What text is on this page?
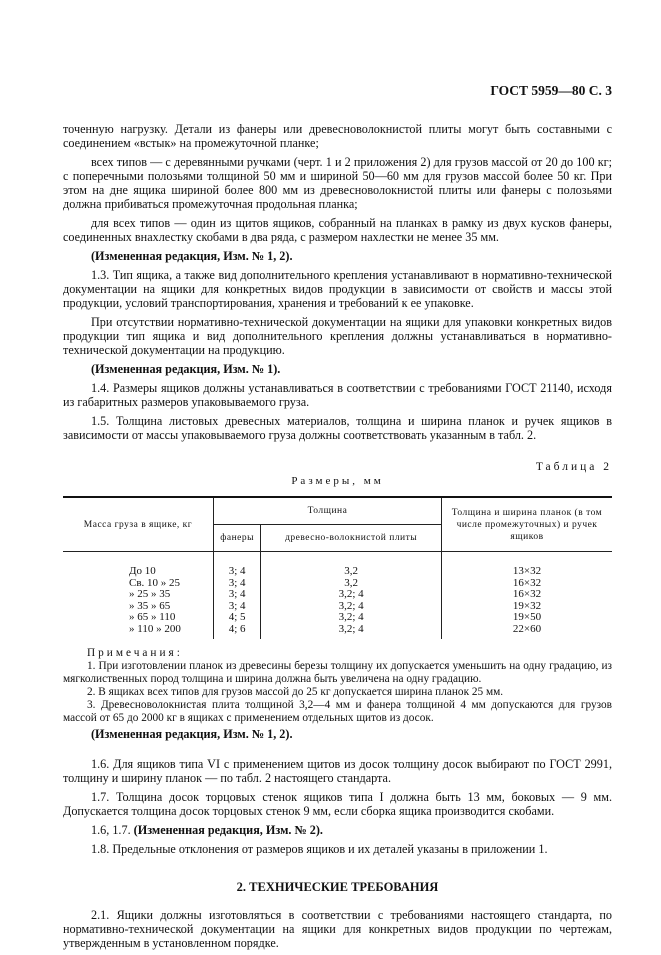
ГОСТ 5959—80 С. 3

точенную нагрузку. Детали из фанеры или древесноволокнистой плиты могут быть составными с соединением «встык» на промежуточной планке;

всех типов — с деревянными ручками (черт. 1 и 2 приложения 2) для грузов массой от 20 до 100 кг; с поперечными полозьями толщиной 50 мм и шириной 50—60 мм для грузов массой более 50 кг. При этом на дне ящика шириной более 800 мм из древесноволокнистой плиты или фанеры с полозьями должна прибиваться промежуточная продольная планка;

для всех типов — один из щитов ящиков, собранный на планках в рамку из двух кусков фанеры, соединенных внахлестку скобами в два ряда, с размером нахлестки не менее 35 мм.

(Измененная редакция, Изм. № 1, 2).

1.3. Тип ящика, а также вид дополнительного крепления устанавливают в нормативно-технической документации на ящики для конкретных видов продукции в зависимости от свойств и массы этой продукции, условий транспортирования, хранения и требований к ее упаковке.

При отсутствии нормативно-технической документации на ящики для упаковки конкретных видов продукции тип ящика и вид дополнительного крепления должны устанавливаться в нормативно-технической документации на продукцию.

(Измененная редакция, Изм. № 1).

1.4. Размеры ящиков должны устанавливаться в соответствии с требованиями ГОСТ 21140, исходя из габаритных размеров упаковываемого груза.

1.5. Толщина листовых древесных материалов, толщина и ширина планок и ручек ящиков в зависимости от массы упаковываемого груза должны соответствовать указанным в табл. 2.

Таблица 2
Размеры, мм
Масса груза в ящике, кг	Толщина		Толщина и ширина планок (в том числе промежуточных) и ручек ящиков
	фанеры	древесно-волокнистой плиты	
До 10	3; 4	3,2	13×32
Св. 10 » 25	3; 4	3,2	16×32
» 25 » 35	3; 4	3,2; 4	16×32
» 35 » 65	3; 4	3,2; 4	19×32
» 65 » 110	4; 5	3,2; 4	19×50
» 110 » 200	4; 6	3,2; 4	22×60

Примечания:

1. При изготовлении планок из древесины березы толщину их допускается уменьшить на одну градацию, из мягколиственных пород толщина и ширина должна быть увеличена на одну градацию.

2. В ящиках всех типов для грузов массой до 25 кг допускается ширина планок 25 мм.

3. Древесноволокнистая плита толщиной 3,2—4 мм и фанера толщиной 4 мм допускаются для грузов массой от 65 до 2000 кг в ящиках с применением отдельных щитов из досок.

(Измененная редакция, Изм. № 1, 2).

1.6. Для ящиков типа VI с применением щитов из досок толщину досок выбирают по ГОСТ 2991, толщину и ширину планок — по табл. 2 настоящего стандарта.

1.7. Толщина досок торцовых стенок ящиков типа I должна быть 13 мм, боковых — 9 мм. Допускается толщина досок торцовых стенок 9 мм, если сборка ящика производится скобами.

1.6, 1.7. (Измененная редакция, Изм. № 2).

1.8. Предельные отклонения от размеров ящиков и их деталей указаны в приложении 1.

2. ТЕХНИЧЕСКИЕ ТРЕБОВАНИЯ

2.1. Ящики должны изготовляться в соответствии с требованиями настоящего стандарта, по нормативно-технической документации на ящики для конкретных видов продукции по чертежам, утвержденным в установленном порядке.
